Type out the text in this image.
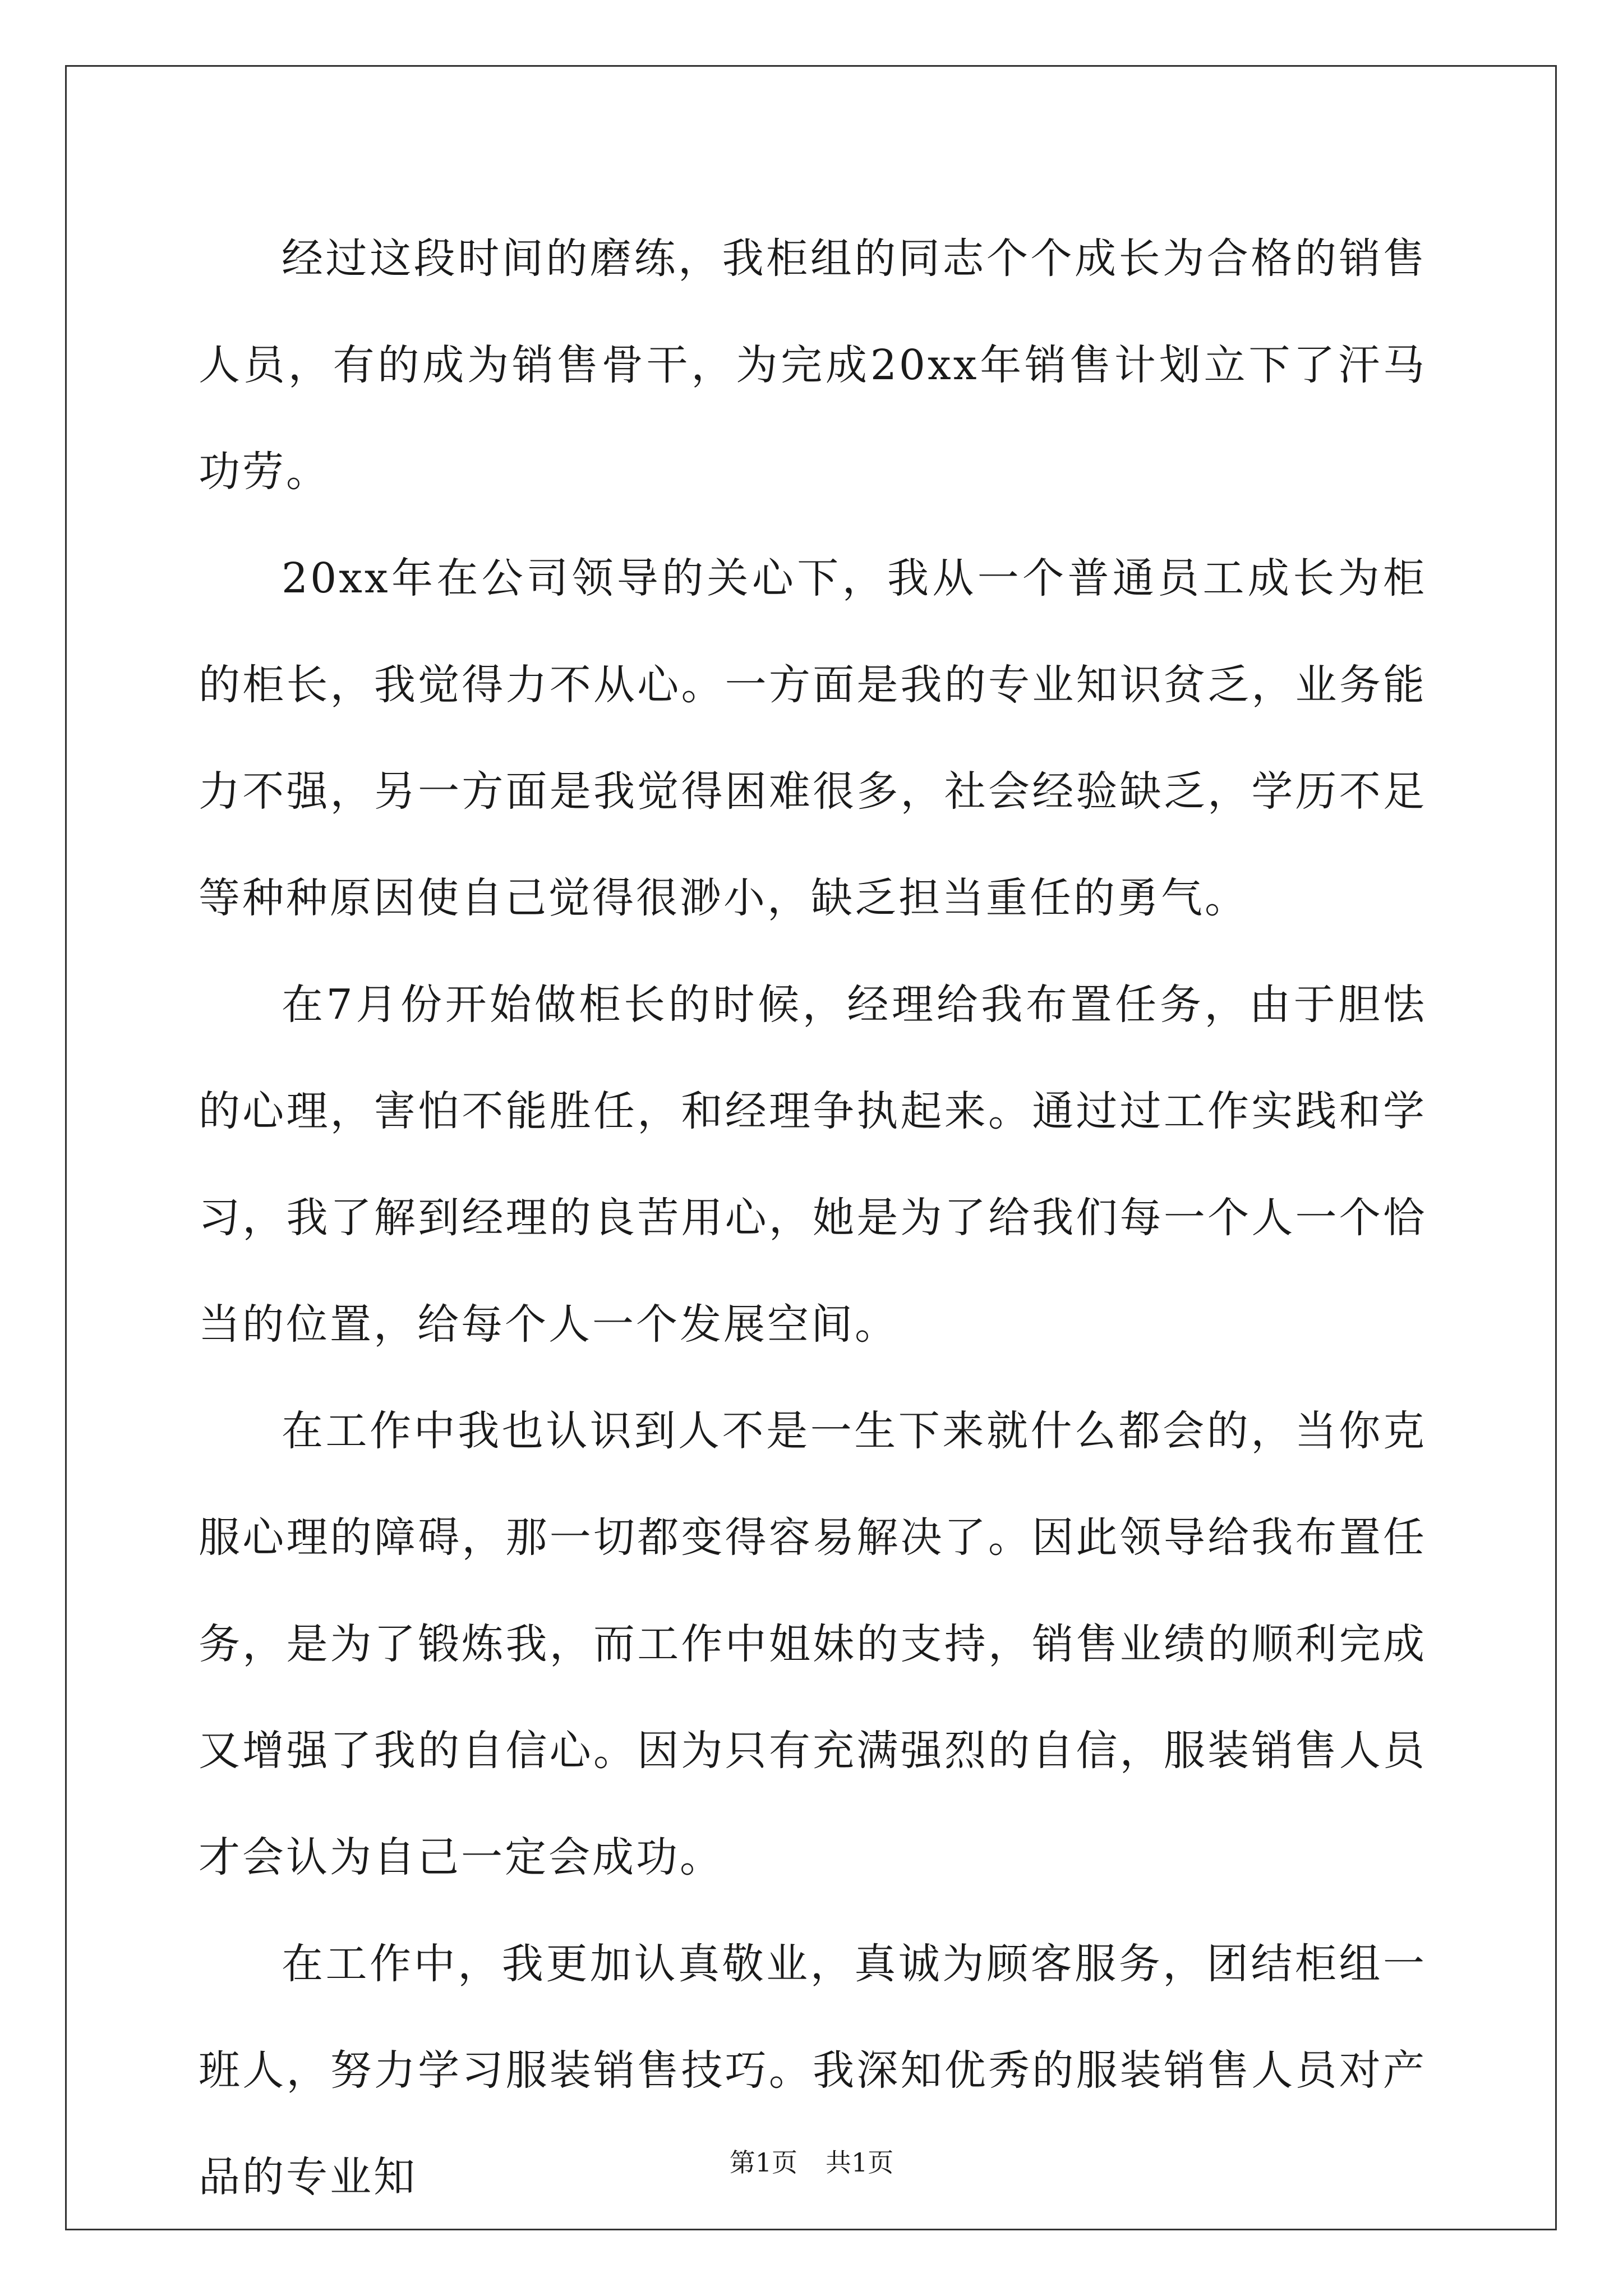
经过这段时间的磨练，我柜组的同志个个成长为合格的销售人员，有的成为销售骨干，为完成20xx年销售计划立下了汗马功劳。

20xx年在公司领导的关心下，我从一个普通员工成长为柜的柜长，我觉得力不从心。一方面是我的专业知识贫乏，业务能力不强，另一方面是我觉得困难很多，社会经验缺乏，学历不足等种种原因使自己觉得很渺小，缺乏担当重任的勇气。

在7月份开始做柜长的时候，经理给我布置任务，由于胆怯的心理，害怕不能胜任，和经理争执起来。通过过工作实践和学习，我了解到经理的良苦用心，她是为了给我们每一个人一个恰当的位置，给每个人一个发展空间。

在工作中我也认识到人不是一生下来就什么都会的，当你克服心理的障碍，那一切都变得容易解决了。因此领导给我布置任务，是为了锻炼我，而工作中姐妹的支持，销售业绩的顺利完成又增强了我的自信心。因为只有充满强烈的自信，服装销售人员才会认为自己一定会成功。

在工作中，我更加认真敬业，真诚为顾客服务，团结柜组一班人，努力学习服装销售技巧。我深知优秀的服装销售人员对产品的专业知	第1页 共1页
